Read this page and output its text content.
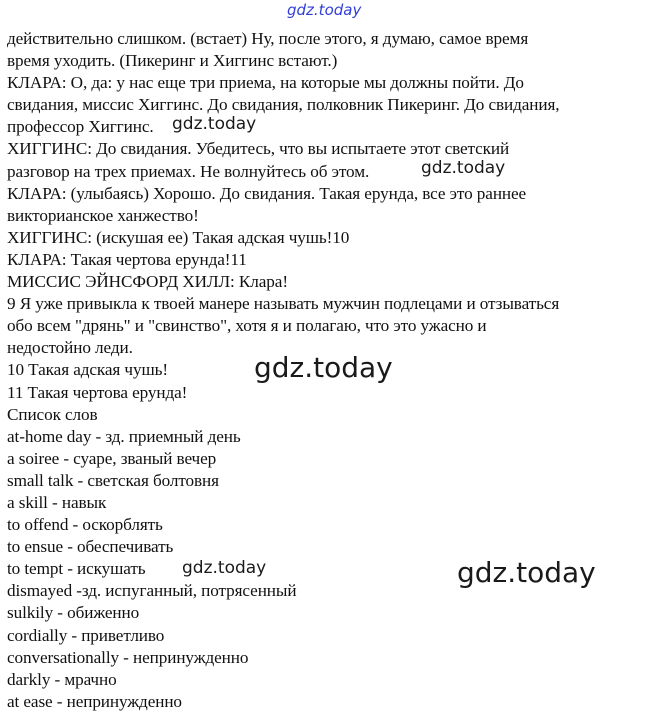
действительно слишком. (встает) Ну, после этого, я думаю, самое время
время уходить. (Пикеринг и Хиггинс встают.)
КЛАРА: О, да: у нас еще три приема, на которые мы должны пойти. До
свидания, миссис Хиггинс. До свидания, полковник Пикеринг. До свидания,
профессор Хиггинс.
ХИГГИНС: До свидания. Убедитесь, что вы испытаете этот светский
разговор на трех приемах. Не волнуйтесь об этом.
КЛАРА: (улыбаясь) Хорошо. До свидания. Такая ерунда, все это раннее
викторианское ханжество!
ХИГГИНС: (искушая ее) Такая адская чушь!10
КЛАРА: Такая чертова ерунда!11
МИССИС ЭЙНСФОРД ХИЛЛ: Клара!
9 Я уже привыкла к твоей манере называть мужчин подлецами и отзываться
обо всем "дрянь" и "свинство", хотя я и полагаю, что это ужасно и
недостойно леди.
10 Такая адская чушь!
11 Такая чертова ерунда!
Список слов
at-home day - зд. приемный день
a soiree - суаре, званый вечер
small talk - светская болтовня
a skill - навык
to offend - оскорблять
to ensue - обеспечивать
to tempt - искушать
dismayed -зд. испуганный, потрясенный
sulkily - обиженно
cordially - приветливо
conversationally - непринужденно
darkly - мрачно
at ease - непринужденно
gdz.today
gdz.today
gdz.today
gdz.today
gdz.today
gdz.today
